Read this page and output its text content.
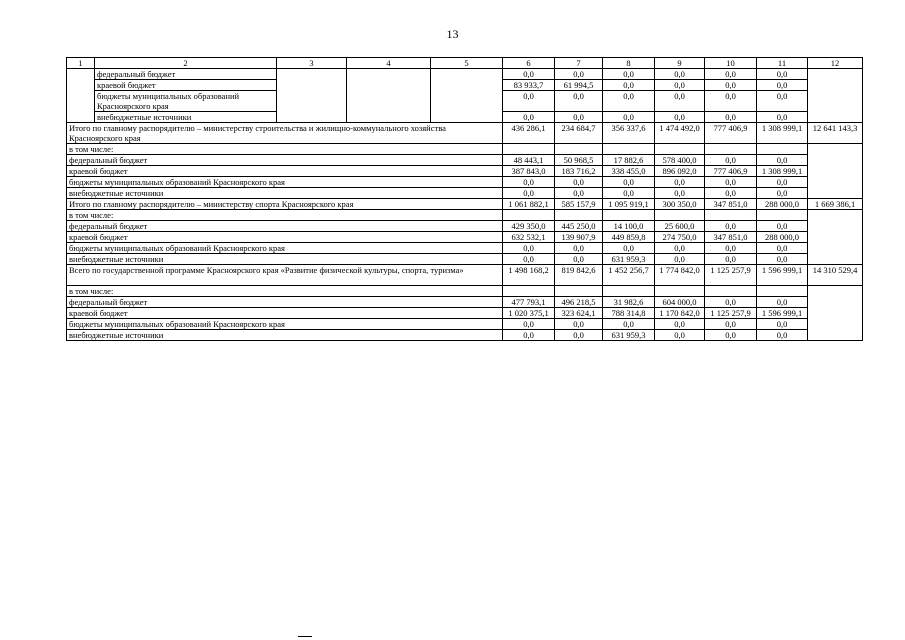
13
1	2	3	4	5	6	7	8	9	10	11	12
	федеральный бюджет				0,0	0,0	0,0	0,0	0,0	0,0	
	краевой бюджет				83 933,7	61 994,5	0,0	0,0	0,0	0,0	
	бюджеты муниципальных образований Красноярского края				0,0	0,0	0,0	0,0	0,0	0,0	
	внебюджетные источники				0,0	0,0	0,0	0,0	0,0	0,0	
Итого по главному распорядителю – министерству строительства и жилищно-коммунального хозяйства Красноярского края					436 286,1	234 684,7	356 337,6	1 474 492,0	777 406,9	1 308 999,1	12 641 143,3
в том числе:											
федеральный бюджет					48 443,1	50 968,5	17 882,6	578 400,0	0,0	0,0	
краевой бюджет					387 843,0	183 716,2	338 455,0	896 092,0	777 406,9	1 308 999,1	
бюджеты муниципальных образований Красноярского края					0,0	0,0	0,0	0,0	0,0	0,0	
внебюджетные источники					0,0	0,0	0,0	0,0	0,0	0,0	
Итого по главному распорядителю – министерству спорта Красноярского края					1 061 882,1	585 157,9	1 095 919,1	300 350,0	347 851,0	288 000,0	1 669 386,1
в том числе:											
федеральный бюджет					429 350,0	445 250,0	14 100,0	25 600,0	0,0	0,0	
краевой бюджет					632 532,1	139 907,9	449 859,8	274 750,0	347 851,0	288 000,0	
бюджеты муниципальных образований Красноярского края					0,0	0,0	0,0	0,0	0,0	0,0	
внебюджетные источники					0,0	0,0	631 959,3	0,0	0,0	0,0	
Всего по государственной программе Красноярского края «Развитие физической культуры, спорта, туризма»					1 498 168,2	819 842,6	1 452 256,7	1 774 842,0	1 125 257,9	1 596 999,1	14 310 529,4
в том числе:											
федеральный бюджет					477 793,1	496 218,5	31 982,6	604 000,0	0,0	0,0	
краевой бюджет					1 020 375,1	323 624,1	788 314,8	1 170 842,0	1 125 257,9	1 596 999,1	
бюджеты муниципальных образований Красноярского края					0,0	0,0	0,0	0,0	0,0	0,0	
внебюджетные источники					0,0	0,0	631 959,3	0,0	0,0	0,0	
